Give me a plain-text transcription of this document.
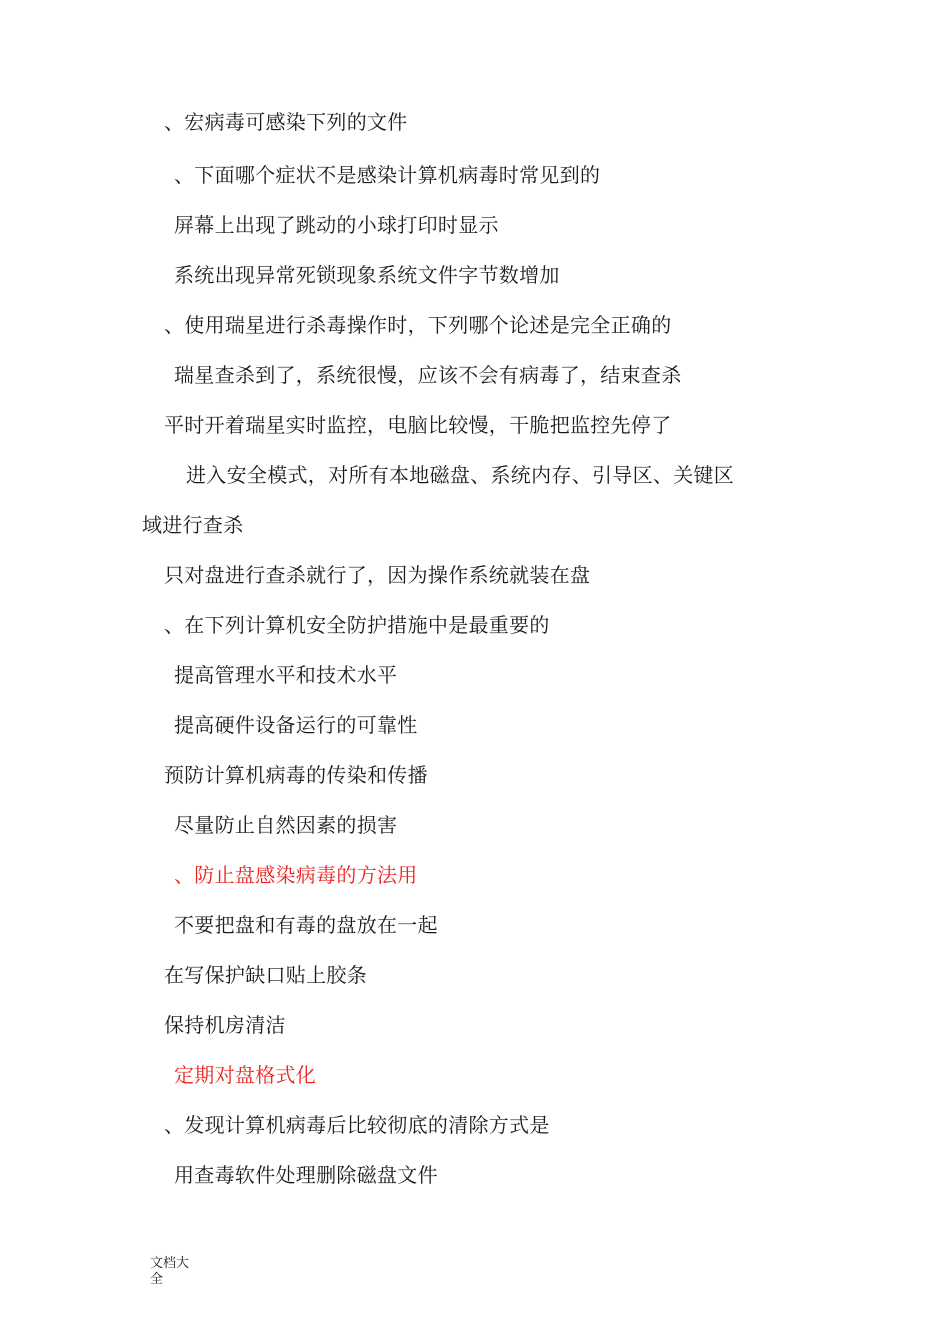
、宏病毒可感染下列的文件
、下面哪个症状不是感染计算机病毒时常见到的
屏幕上出现了跳动的小球打印时显示
系统出现异常死锁现象系统文件字节数增加
、使用瑞星进行杀毒操作时，下列哪个论述是完全正确的
瑞星查杀到了，系统很慢，应该不会有病毒了，结束查杀
平时开着瑞星实时监控，电脑比较慢，干脆把监控先停了
进入安全模式，对所有本地磁盘、系统内存、引导区、关键区
域进行查杀
只对盘进行查杀就行了，因为操作系统就装在盘
、在下列计算机安全防护措施中是最重要的
提高管理水平和技术水平
提高硬件设备运行的可靠性
预防计算机病毒的传染和传播
尽量防止自然因素的损害
、防止盘感染病毒的方法用
不要把盘和有毒的盘放在一起
在写保护缺口贴上胶条
保持机房清洁
定期对盘格式化
、发现计算机病毒后比较彻底的清除方式是
用查毒软件处理删除磁盘文件
文档大全
